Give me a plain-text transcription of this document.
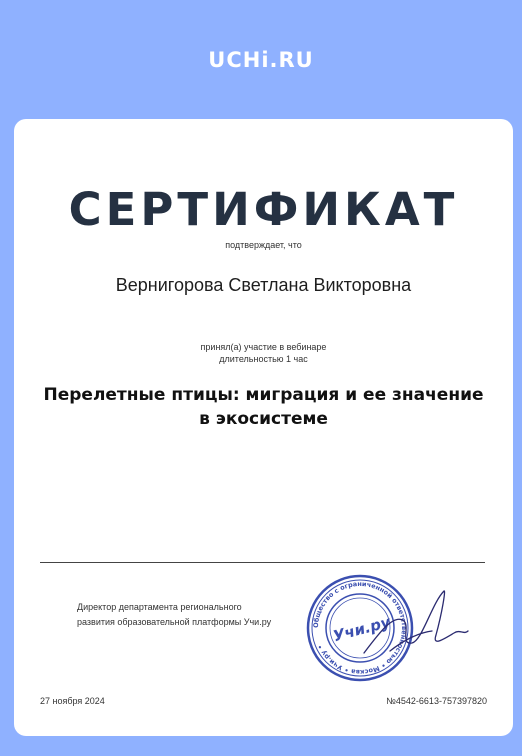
UCHi.RU
СЕРТИФИКАТ
подтверждает, что
Вернигорова Светлана Викторовна
принял(а) участие в вебинаре
длительностью 1 час
Перелетные птицы: миграция и ее значение
в экосистеме
Директор департамента регионального
развития образовательной платформы Учи.ру	Общество с ограниченной ответственностью • Москва • Учи.ру •
Учи.ру
27 ноября 2024	№4542-6613-757397820
